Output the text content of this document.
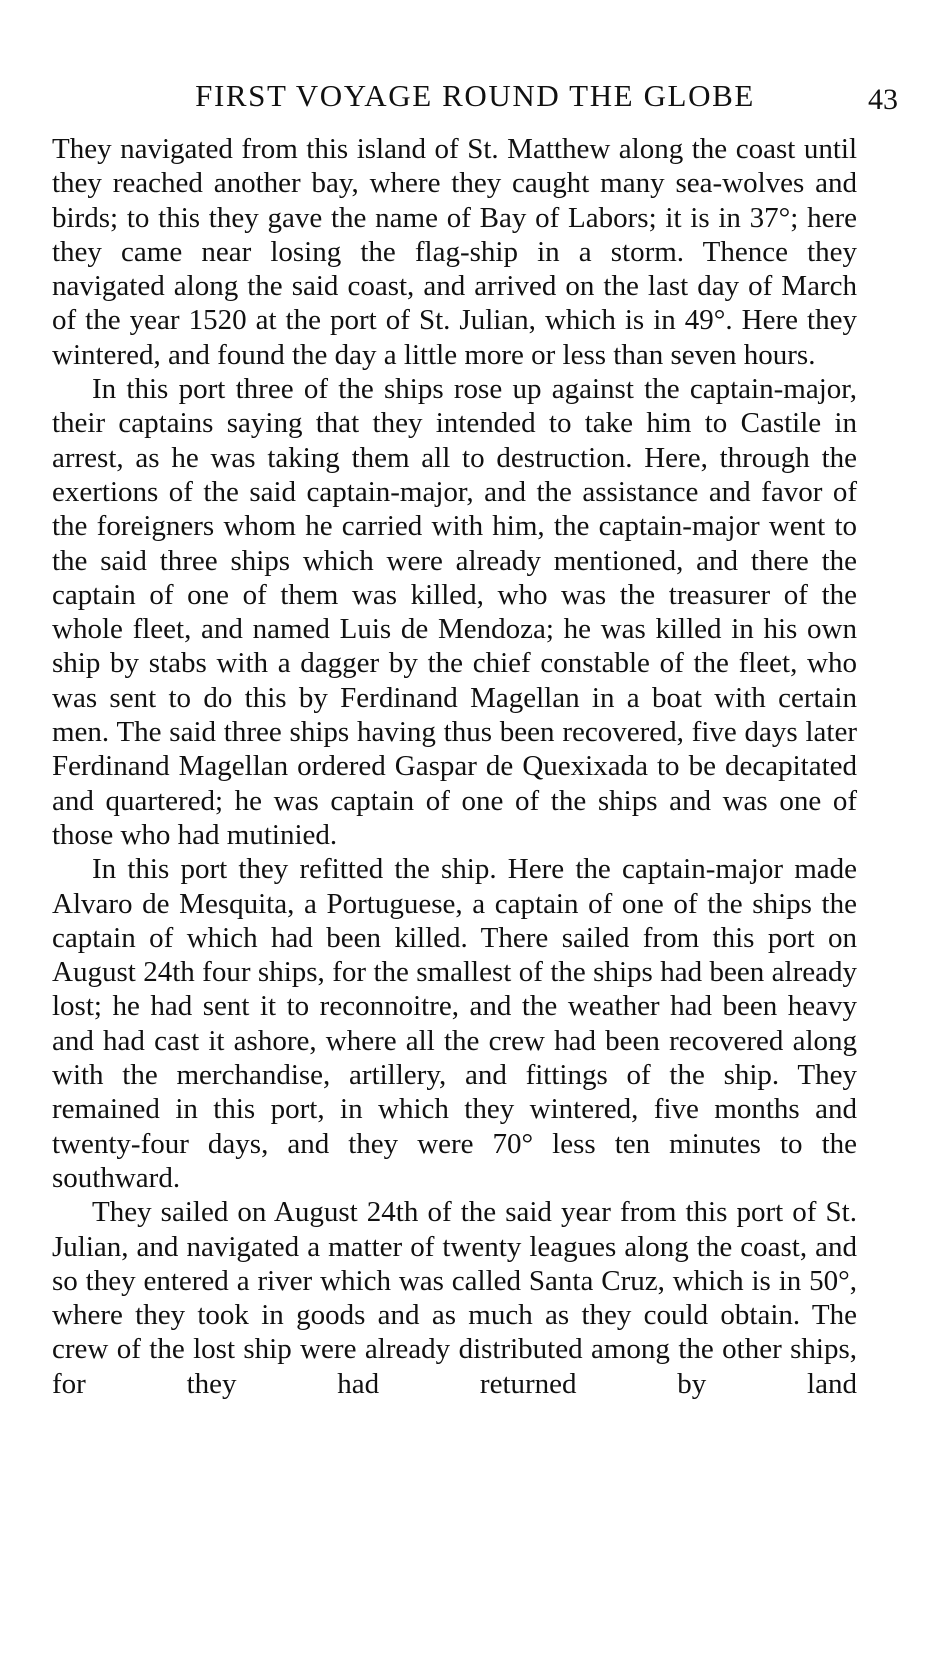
FIRST VOYAGE ROUND THE GLOBE	43

They navigated from this island of St. Matthew along the coast until they reached another bay, where they caught many sea-wolves and birds; to this they gave the name of Bay of Labors; it is in 37°; here they came near losing the flag-ship in a storm. Thence they navigated along the said coast, and arrived on the last day of March of the year 1520 at the port of St. Julian, which is in 49°. Here they wintered, and found the day a little more or less than seven hours.

In this port three of the ships rose up against the captain-major, their captains saying that they intended to take him to Castile in arrest, as he was taking them all to destruction. Here, through the exertions of the said captain-major, and the assistance and favor of the foreigners whom he carried with him, the captain-major went to the said three ships which were already mentioned, and there the captain of one of them was killed, who was the treasurer of the whole fleet, and named Luis de Mendoza; he was killed in his own ship by stabs with a dagger by the chief constable of the fleet, who was sent to do this by Ferdinand Magellan in a boat with certain men. The said three ships having thus been recovered, five days later Ferdinand Magellan ordered Gaspar de Quexixada to be decapitated and quartered; he was captain of one of the ships and was one of those who had mutinied.

In this port they refitted the ship. Here the captain-major made Alvaro de Mesquita, a Portuguese, a captain of one of the ships the captain of which had been killed. There sailed from this port on August 24th four ships, for the smallest of the ships had been already lost; he had sent it to reconnoitre, and the weather had been heavy and had cast it ashore, where all the crew had been recovered along with the merchandise, artillery, and fittings of the ship. They remained in this port, in which they wintered, five months and twenty-four days, and they were 70° less ten minutes to the southward.

They sailed on August 24th of the said year from this port of St. Julian, and navigated a matter of twenty leagues along the coast, and so they entered a river which was called Santa Cruz, which is in 50°, where they took in goods and as much as they could obtain. The crew of the lost ship were already distributed among the other ships, for they had returned by land
